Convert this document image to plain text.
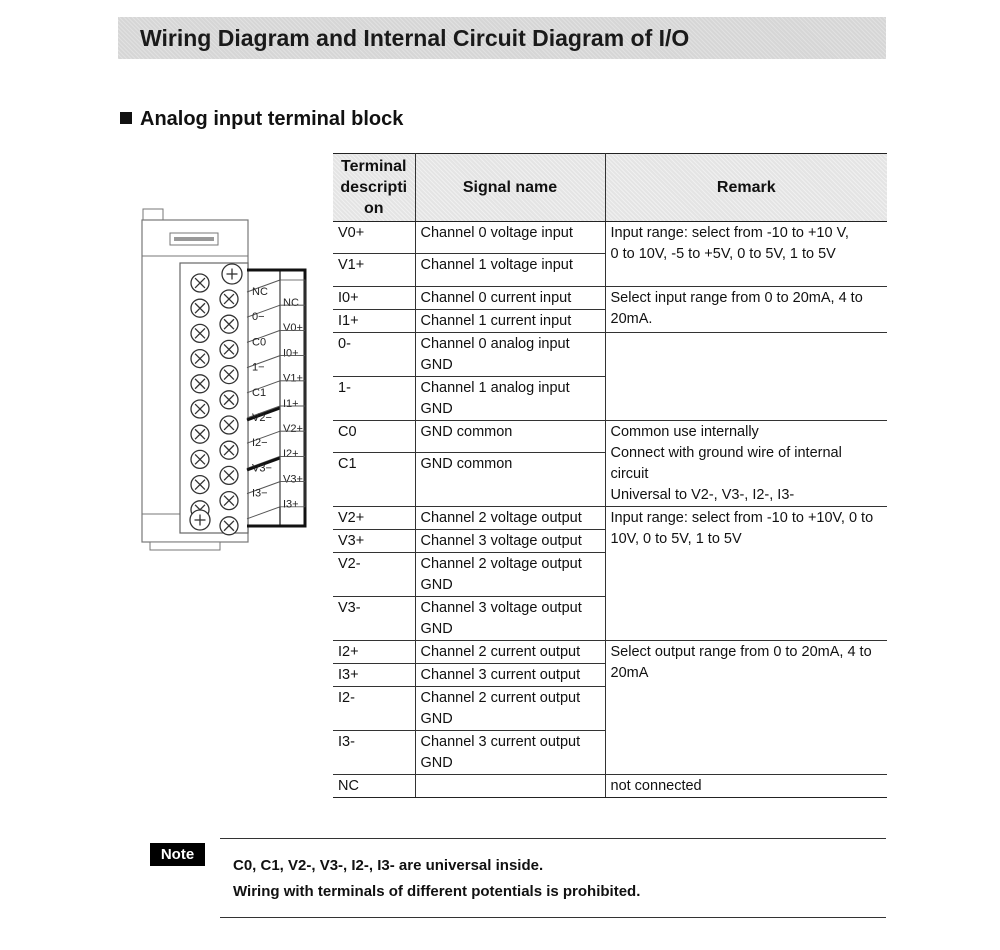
Wiring Diagram and Internal Circuit Diagram of I/O
Analog input terminal block
NC
0−
C0
1−
C1
V2−
I2−
V3−
I3−
NC
V0+
I0+
V1+
I1+
V2+
I2+
V3+
I3+
Terminal
descripti
on	Signal name	Remark
V0+	Channel 0 voltage input	Input range: select from -10 to +10 V,
0 to 10V, -5 to +5V, 0 to 5V, 1 to 5V
V1+	Channel 1 voltage input	
I0+	Channel 0 current input	Select input range from 0 to 20mA, 4 to
20mA.
I1+	Channel 1 current input	
0-	Channel 0 analog input
GND	
1-	Channel 1 analog input
GND	
C0	GND common	Common use internally
Connect with ground wire of internal
circuit
Universal to V2-, V3-, I2-, I3-
C1	GND common	
V2+	Channel 2 voltage output	Input range: select from -10 to +10V, 0 to
10V, 0 to 5V, 1 to 5V
V3+	Channel 3 voltage output	
V2-	Channel 2 voltage output
GND	
V3-	Channel 3 voltage output
GND	
I2+	Channel 2 current output	Select output range from 0 to 20mA, 4 to
20mA
I3+	Channel 3 current output	
I2-	Channel 2 current output
GND	
I3-	Channel 3 current output
GND	
NC		not connected
Note
C0, C1, V2-, V3-, I2-, I3- are universal inside.
Wiring with terminals of different potentials is prohibited.
